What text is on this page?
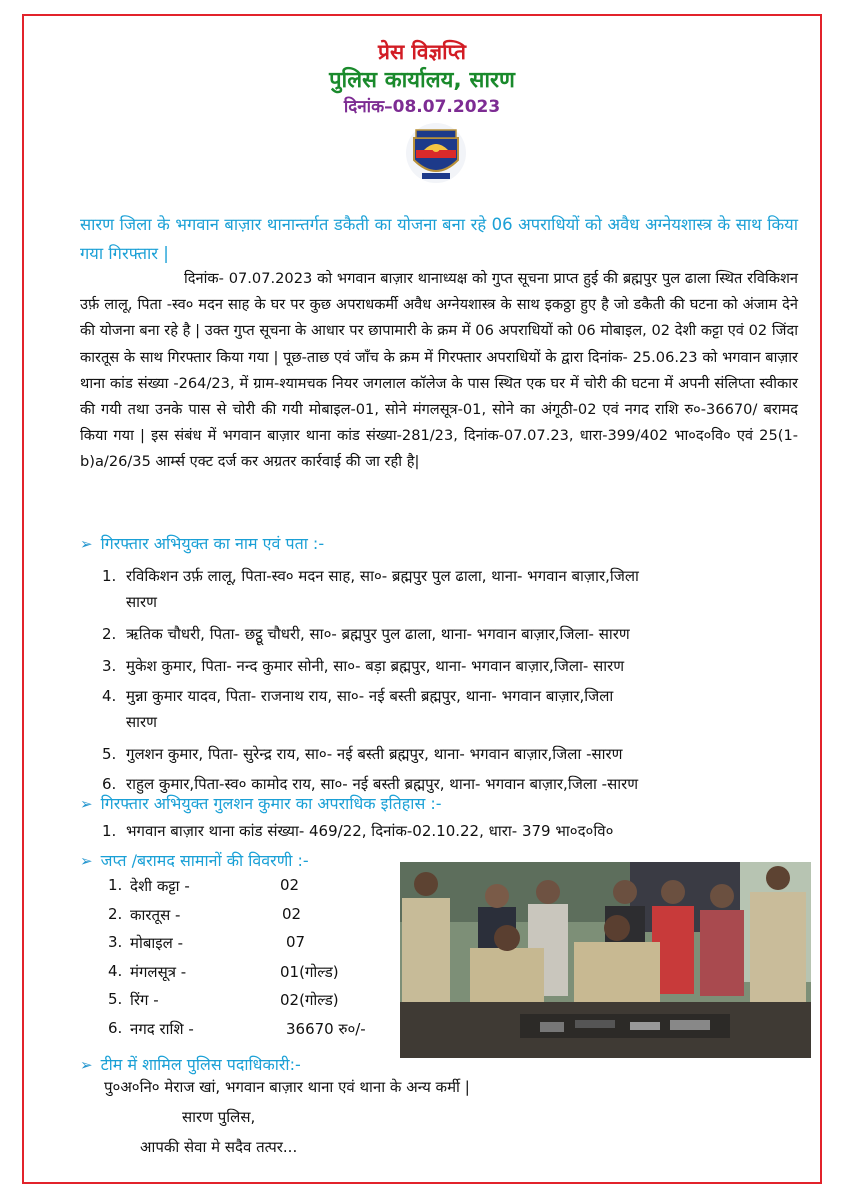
प्रेस विज्ञप्ति
पुलिस कार्यालय, सारण
दिनांक–08.07.2023
सारण जिला के भगवान बाज़ार थानान्तर्गत डकैती का योजना बना रहे 06 अपराधियों को अवैध अग्नेयशास्त्र के साथ किया गया गिरफ्तार |
दिनांक- 07.07.2023 को भगवान बाज़ार थानाध्यक्ष को गुप्त सूचना प्राप्त हुई की ब्रह्मपुर पुल ढाला स्थित रविकिशन उर्फ़ लालू, पिता -स्व० मदन साह के घर पर कुछ अपराधकर्मी अवैध अग्नेयशास्त्र के साथ इकठ्ठा हुए है जो डकैती की घटना को अंजाम देने की योजना बना रहे है | उक्त गुप्त सूचना के आधार पर छापामारी के क्रम में 06 अपराधियों को 06 मोबाइल, 02 देशी कट्टा एवं 02 जिंदा कारतूस के साथ गिरफ्तार किया गया | पूछ-ताछ एवं जाँच के क्रम में गिरफ्तार अपराधियों के द्वारा दिनांक- 25.06.23 को भगवान बाज़ार थाना कांड संख्या -264/23, में ग्राम-श्यामचक नियर जगलाल कॉलेज के पास स्थित एक घर में चोरी की घटना में अपनी संलिप्ता स्वीकार की गयी तथा उनके पास से चोरी की गयी मोबाइल-01, सोने मंगलसूत्र-01, सोने का अंगूठी-02 एवं नगद राशि रु०-36670/ बरामद किया गया | इस संबंध में भगवान बाज़ार थाना कांड संख्या-281/23, दिनांक-07.07.23, धारा-399/402 भा०द०वि० एवं 25(1-b)a/26/35 आर्म्स एक्ट दर्ज कर अग्रतर कार्रवाई की जा रही है|
➢ गिरफ्तार अभियुक्त का नाम एवं पता :-
1. रविकिशन उर्फ़ लालू, पिता-स्व० मदन साह, सा०- ब्रह्मपुर पुल ढाला, थाना- भगवान बाज़ार,जिला
सारण
2. ऋतिक चौधरी, पिता- छट्ठू चौधरी, सा०- ब्रह्मपुर पुल ढाला, थाना- भगवान बाज़ार,जिला- सारण
3. मुकेश कुमार, पिता- नन्द कुमार सोनी, सा०- बड़ा ब्रह्मपुर, थाना- भगवान बाज़ार,जिला- सारण
4. मुन्ना कुमार यादव, पिता- राजनाथ राय, सा०- नई बस्ती ब्रह्मपुर, थाना- भगवान बाज़ार,जिला
सारण
5. गुलशन कुमार, पिता- सुरेन्द्र राय, सा०- नई बस्ती ब्रह्मपुर, थाना- भगवान बाज़ार,जिला -सारण
6. राहुल कुमार,पिता-स्व० कामोद राय, सा०- नई बस्ती ब्रह्मपुर, थाना- भगवान बाज़ार,जिला -सारण
➢ गिरफ्तार अभियुक्त गुलशन कुमार का अपराधिक इतिहास :-
1. भगवान बाज़ार थाना कांड संख्या- 469/22, दिनांक-02.10.22, धारा- 379 भा०द०वि०
➢ जप्त /बरामद सामानों की विवरणी :-
1. देशी कट्टा -	02
2. कारतूस -	02
3. मोबाइल -	07
4. मंगलसूत्र -	01(गोल्ड)
5. रिंग -	02(गोल्ड)
6. नगद राशि -	36670 रु०/-
➢ टीम में शामिल पुलिस पदाधिकारी:-
पु०अ०नि० मेराज खां, भगवान बाज़ार थाना एवं थाना के अन्य कर्मी |
सारण पुलिस,
आपकी सेवा मे सदैव तत्पर...
